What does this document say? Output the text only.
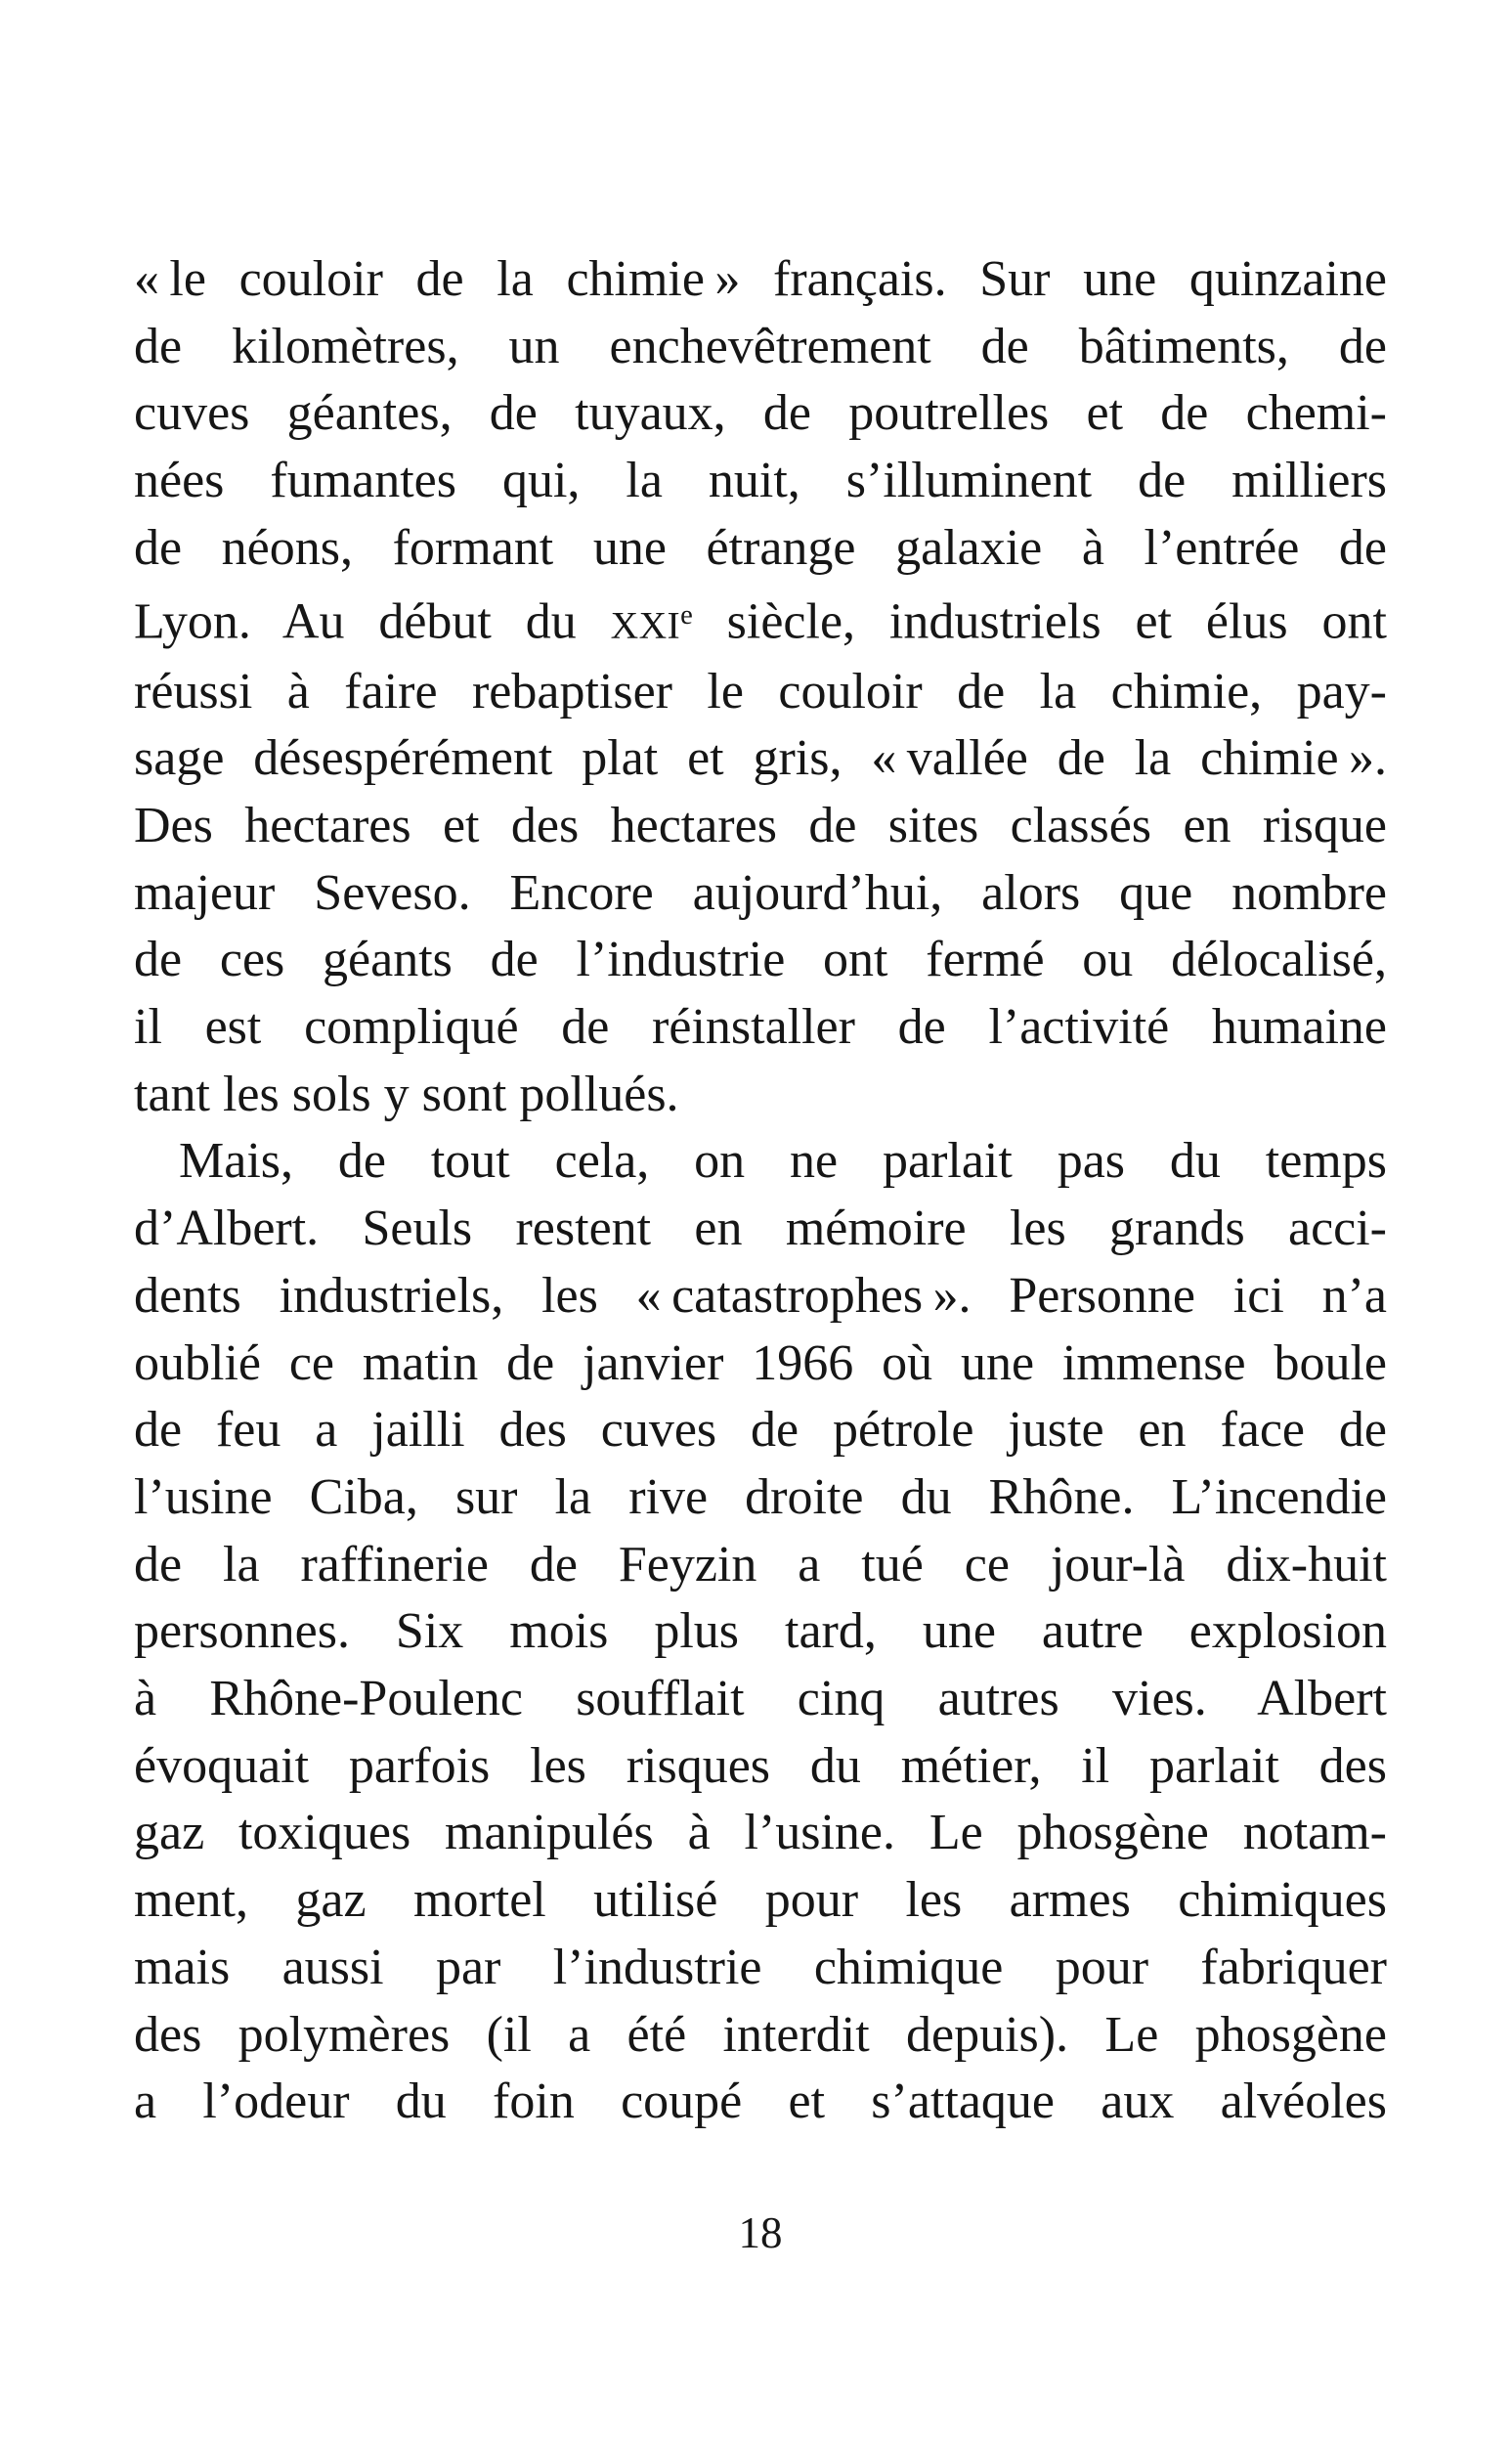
« le couloir de la chimie » français. Sur une quinzaine
de kilomètres, un enchevêtrement de bâtiments, de
cuves géantes, de tuyaux, de poutrelles et de chemi-
nées fumantes qui, la nuit, s’illuminent de milliers
de néons, formant une étrange galaxie à l’entrée de
Lyon. Au début du XXIe siècle, industriels et élus ont
réussi à faire rebaptiser le couloir de la chimie, pay-
sage désespérément plat et gris, « vallée de la chimie ».
Des hectares et des hectares de sites classés en risque
majeur Seveso. Encore aujourd’hui, alors que nombre
de ces géants de l’industrie ont fermé ou délocalisé,
il est compliqué de réinstaller de l’activité humaine
tant les sols y sont pollués.
Mais, de tout cela, on ne parlait pas du temps
d’Albert. Seuls restent en mémoire les grands acci-
dents industriels, les « catastrophes ». Personne ici n’a
oublié ce matin de janvier 1966 où une immense boule
de feu a jailli des cuves de pétrole juste en face de
l’usine Ciba, sur la rive droite du Rhône. L’incendie
de la raffinerie de Feyzin a tué ce jour-là dix-huit
personnes. Six mois plus tard, une autre explosion
à Rhône-Poulenc soufflait cinq autres vies. Albert
évoquait parfois les risques du métier, il parlait des
gaz toxiques manipulés à l’usine. Le phosgène notam-
ment, gaz mortel utilisé pour les armes chimiques
mais aussi par l’industrie chimique pour fabriquer
des polymères (il a été interdit depuis). Le phosgène
a l’odeur du foin coupé et s’attaque aux alvéoles
18
